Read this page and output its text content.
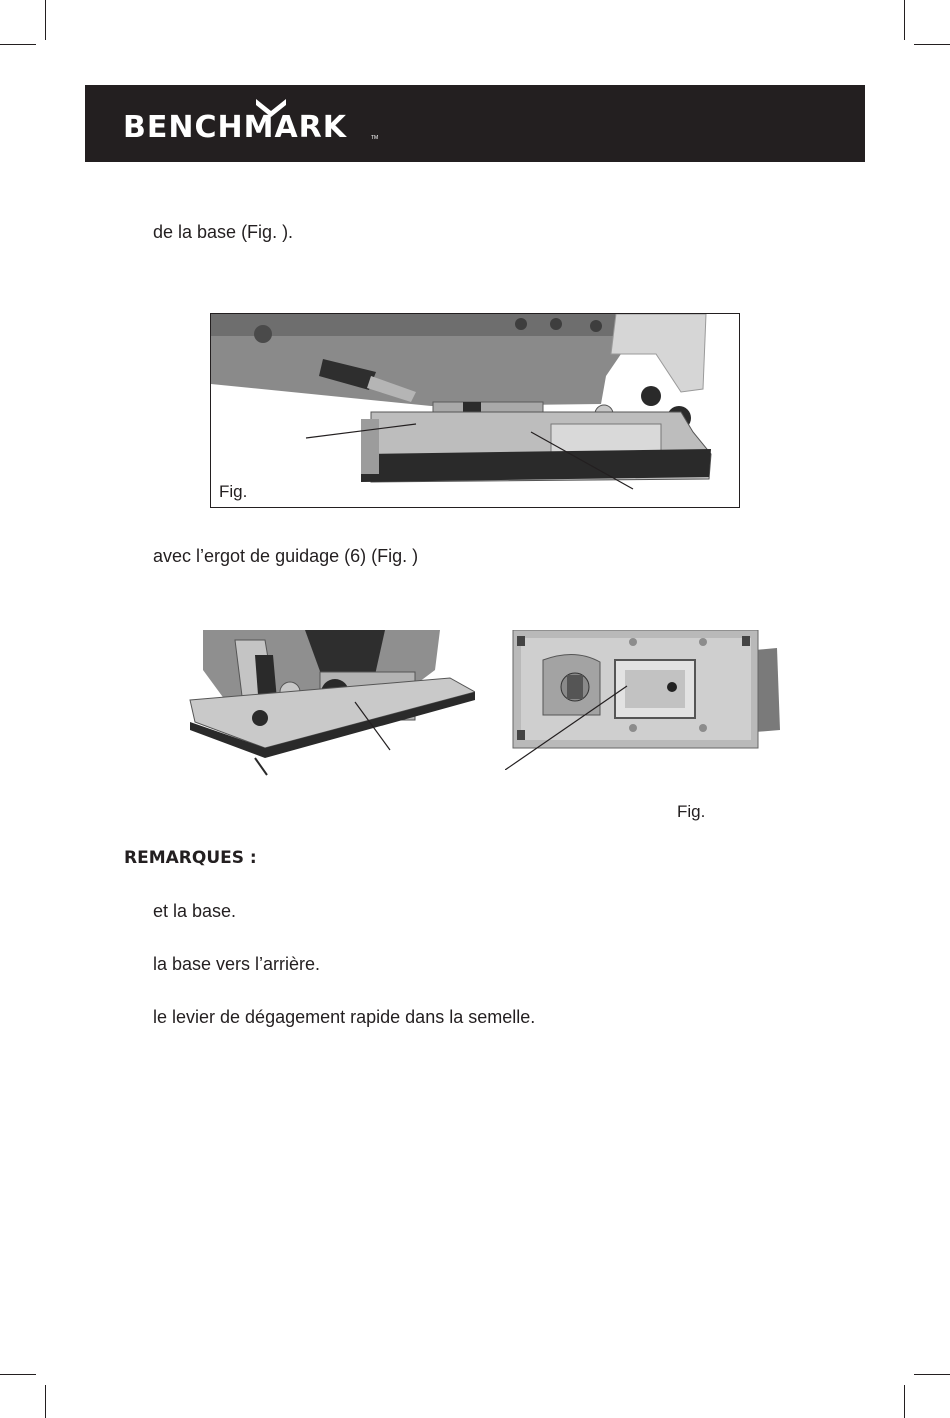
BENCHMARK	TM
de la base (Fig. ).
Fig.
avec l’ergot de guidage (6) (Fig. )
Fig.
REMARQUES :
et la base.
la base vers l’arrière.
le levier de dégagement rapide dans la semelle.
